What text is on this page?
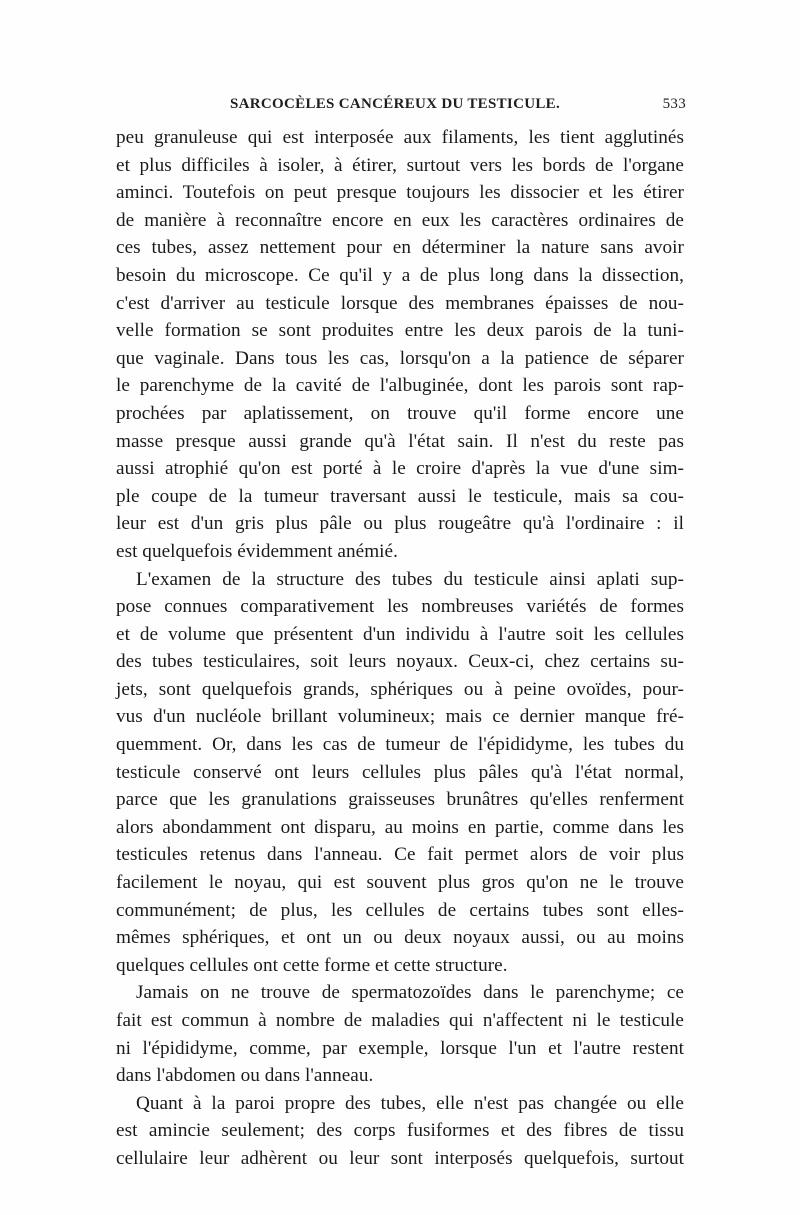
SARCOCÈLES CANCÉREUX DU TESTICULE.	533
peu granuleuse qui est interposée aux filaments, les tient agglutinés
et plus difficiles à isoler, à étirer, surtout vers les bords de l'organe
aminci. Toutefois on peut presque toujours les dissocier et les étirer
de manière à reconnaître encore en eux les caractères ordinaires de
ces tubes, assez nettement pour en déterminer la nature sans avoir
besoin du microscope. Ce qu'il y a de plus long dans la dissection,
c'est d'arriver au testicule lorsque des membranes épaisses de nou-
velle formation se sont produites entre les deux parois de la tuni-
que vaginale. Dans tous les cas, lorsqu'on a la patience de séparer
le parenchyme de la cavité de l'albuginée, dont les parois sont rap-
prochées par aplatissement, on trouve qu'il forme encore une
masse presque aussi grande qu'à l'état sain. Il n'est du reste pas
aussi atrophié qu'on est porté à le croire d'après la vue d'une sim-
ple coupe de la tumeur traversant aussi le testicule, mais sa cou-
leur est d'un gris plus pâle ou plus rougeâtre qu'à l'ordinaire : il
est quelquefois évidemment anémié.
L'examen de la structure des tubes du testicule ainsi aplati sup-
pose connues comparativement les nombreuses variétés de formes
et de volume que présentent d'un individu à l'autre soit les cellules
des tubes testiculaires, soit leurs noyaux. Ceux-ci, chez certains su-
jets, sont quelquefois grands, sphériques ou à peine ovoïdes, pour-
vus d'un nucléole brillant volumineux; mais ce dernier manque fré-
quemment. Or, dans les cas de tumeur de l'épididyme, les tubes du
testicule conservé ont leurs cellules plus pâles qu'à l'état normal,
parce que les granulations graisseuses brunâtres qu'elles renferment
alors abondamment ont disparu, au moins en partie, comme dans les
testicules retenus dans l'anneau. Ce fait permet alors de voir plus
facilement le noyau, qui est souvent plus gros qu'on ne le trouve
communément; de plus, les cellules de certains tubes sont elles-
mêmes sphériques, et ont un ou deux noyaux aussi, ou au moins
quelques cellules ont cette forme et cette structure.
Jamais on ne trouve de spermatozoïdes dans le parenchyme; ce
fait est commun à nombre de maladies qui n'affectent ni le testicule
ni l'épididyme, comme, par exemple, lorsque l'un et l'autre restent
dans l'abdomen ou dans l'anneau.
Quant à la paroi propre des tubes, elle n'est pas changée ou elle
est amincie seulement; des corps fusiformes et des fibres de tissu
cellulaire leur adhèrent ou leur sont interposés quelquefois, surtout
